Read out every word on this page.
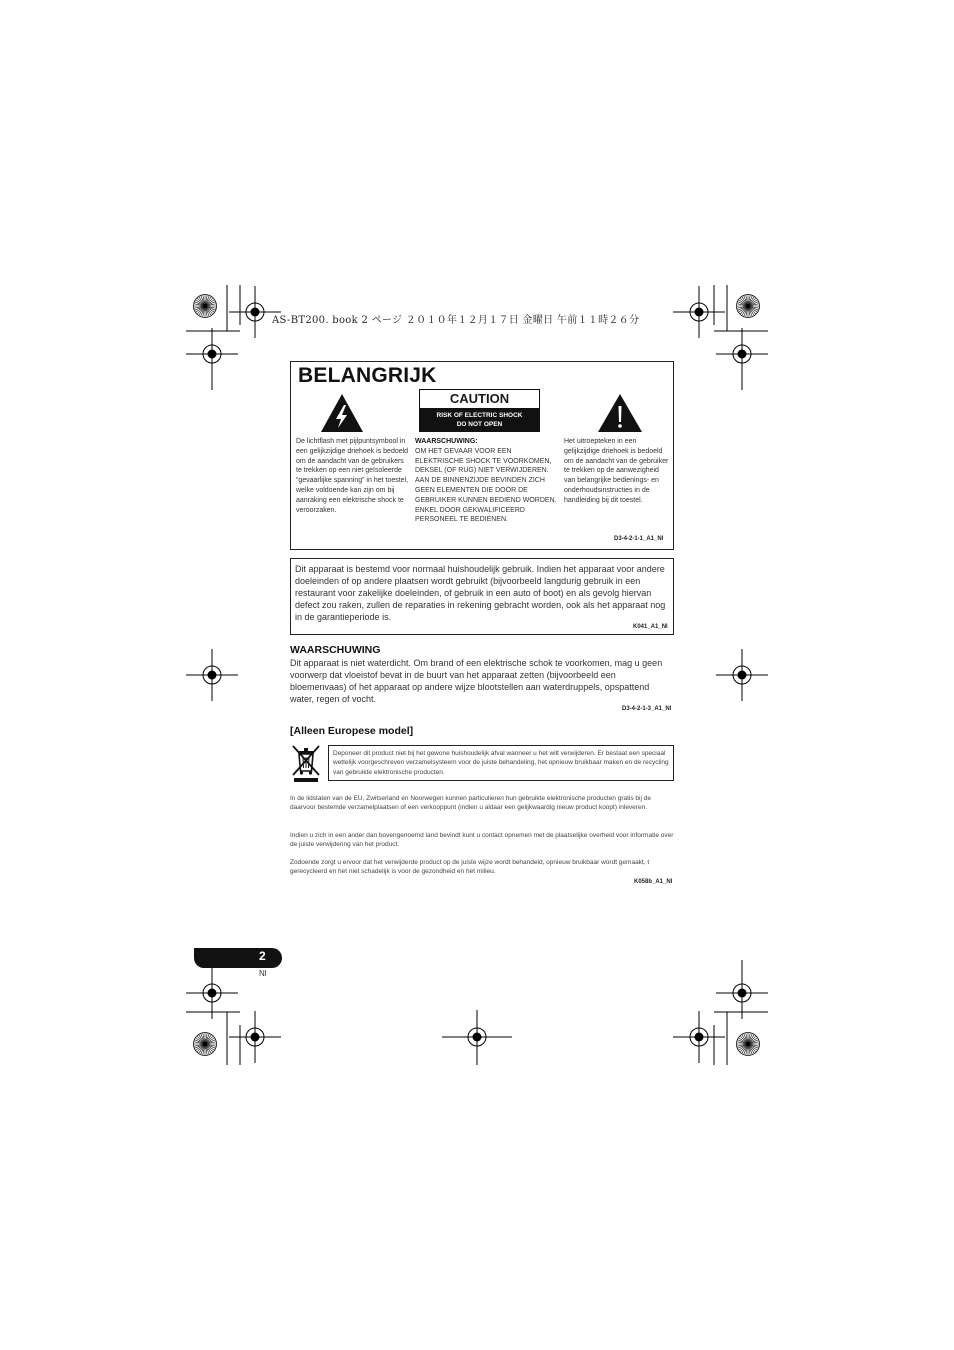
AS-BT200. book 2 ページ ２０１０年１２月１７日 金曜日 午前１１時２６分
BELANGRIJK
CAUTION
RISK OF ELECTRIC SHOCK
DO NOT OPEN
De lichtflash met pijlpuntsymbool in een gelijkzijdige driehoek is bedoeld om de aandacht van de gebruikers te trekken op een niet geïsoleerde “gevaarlijke spanning” in het toestel, welke voldoende kan zijn om bij aanraking een elektrische shock te veroorzaken.
WAARSCHUWING:
OM HET GEVAAR VOOR EEN ELEKTRISCHE SHOCK TE VOORKOMEN, DEKSEL (OF RUG) NIET VERWIJDEREN. AAN DE BINNENZIJDE BEVINDEN ZICH GEEN ELEMENTEN DIE DOOR DE GEBRUIKER KUNNEN BEDIEND WORDEN. ENKEL DOOR GEKWALIFICEERD PERSONEEL TE BEDIENEN.
Het uitroepteken in een gelijkzijdige driehoek is bedoeld om de aandacht van de gebruiker te trekken op de aanwezigheid van belangrijke bedienings- en onderhoudsinstructies in de handleiding bij dit toestel.
D3-4-2-1-1_A1_Nl
Dit apparaat is bestemd voor normaal huishoudelijk gebruik. Indien het apparaat voor andere doeleinden of op andere plaatsen wordt gebruikt (bijvoorbeeld langdurig gebruik in een restaurant voor zakelijke doeleinden, of gebruik in een auto of boot) en als gevolg hiervan defect zou raken, zullen de reparaties in rekening gebracht worden, ook als het apparaat nog in de garantieperiode is.
K041_A1_Nl
WAARSCHUWING
Dit apparaat is niet waterdicht. Om brand of een elektrische schok te voorkomen, mag u geen voorwerp dat vloeistof bevat in de buurt van het apparaat zetten (bijvoorbeeld een bloemenvaas) of het apparaat op andere wijze blootstellen aan waterdruppels, opspattend water, regen of vocht.
D3-4-2-1-3_A1_Nl
[Alleen Europese model]
Deponeer dit product niet bij het gewone huishoudelijk afval wanneer u het wilt verwijderen. Er bestaat een speciaal wettelijk voorgeschreven verzamelsysteem voor de juiste behandeling, het opnieuw bruikbaar maken en de recycling van gebruikte elektronische producten.
In de lidstaten van de EU, Zwitserland en Noorwegen kunnen particulieren hun gebruikte elektronische producten gratis bij de daarvoor bestemde verzamelplaatsen of een verkooppunt (indien u aldaar een gelijkwaardig nieuw product koopt) inleveren.
Indien u zich in een ander dan bovengenoemd land bevindt kunt u contact opnemen met de plaatselijke overheid voor informatie over de juiste verwijdering van het product.
Zodoende zorgt u ervoor dat het verwijderde product op de juiste wijze wordt behandeld, opnieuw bruikbaar wordt gemaakt, t gerecycleerd en het niet schadelijk is voor de gezondheid en het milieu.
K058b_A1_Nl
2
Nl
